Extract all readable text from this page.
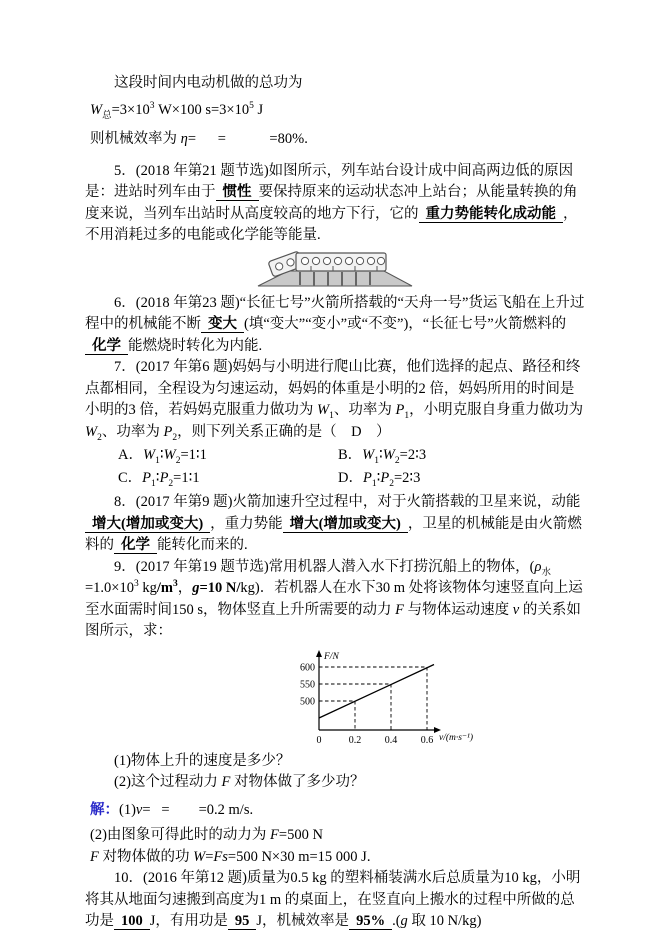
这段时间内电动机做的总功为

$W_总=3\times 10^3$ W×100 $s=3\times 10^5$ J

则机械效率为 η=      =            =80%.

5．(2018 年第21 题节选)如图所示，列车站台设计成中间高两边低的原因是：进站时列车由于 惯性 要保持原来的运动状态冲上站台；从能量转换的角度来说，当列车出站时从高度较高的地方下行，它的 重力势能转化成动能 ，不用消耗过多的电能或化学能等能量.

6．(2018 年第23 题)“长征七号”火箭所搭载的“天舟一号”货运飞船在上升过程中的机械能不断 变大 (填“变大”“变小”或“不变”)，“长征七号”火箭燃料的化学 能燃烧时转化为内能.

7．(2017 年第6 题)妈妈与小明进行爬山比赛，他们选择的起点、路径和终点都相同，全程设为匀速运动，妈妈的体重是小明的2 倍，妈妈所用的时间是小明的3 倍，若妈妈克服重力做功为 $W_1$、功率为 $P_1$，小明克服自身重力做功为 $W_2$、功率为 $P_2$，则下列关系正确的是（　D　）

A．$W_1∶W_2=1∶1$	B．$W_1∶W_2=2∶3$
C．$P_1∶P_2=1∶1$	D．$P_1∶P_2=2∶3$

8．(2017 年第9 题)火箭加速升空过程中，对于火箭搭载的卫星来说，动能增大(增加或变大) ，重力势能 增大(增加或变大) ，卫星的机械能是由火箭燃料的 化学 能转化而来的.

9．(2017 年第19 题节选)常用机器人潜入水下打捞沉船上的物体，($\rho_水=1.0\times 10^3$ $kg/m^3$，g=10 N/kg)．若机器人在水下30 m 处将该物体匀速竖直向上运至水面需时间150 s，物体竖直上升所需要的动力 F 与物体运动速度 v 的关系如图所示，求：

600
550
500
0	0.2 0.4 0.6
F/N
v/(m·s⁻¹)

(1)物体上升的速度是多少？

(2)这个过程动力 F 对物体做了多少功？

解：(1)v=   =        =0.2 m/s.

(2)由图象可得此时的动力为 F=500 N

F 对物体做的功 W=Fs=500 N×30 m=15 000 J.

10．(2016 年第12 题)质量为0.5 kg 的塑料桶装满水后总质量为10 kg，小明将其从地面匀速搬到高度为1 m 的桌面上，在竖直向上搬水的过程中所做的总功是 100 J，有用功是 95 J，机械效率是 95% .(g 取 10 N/kg)
